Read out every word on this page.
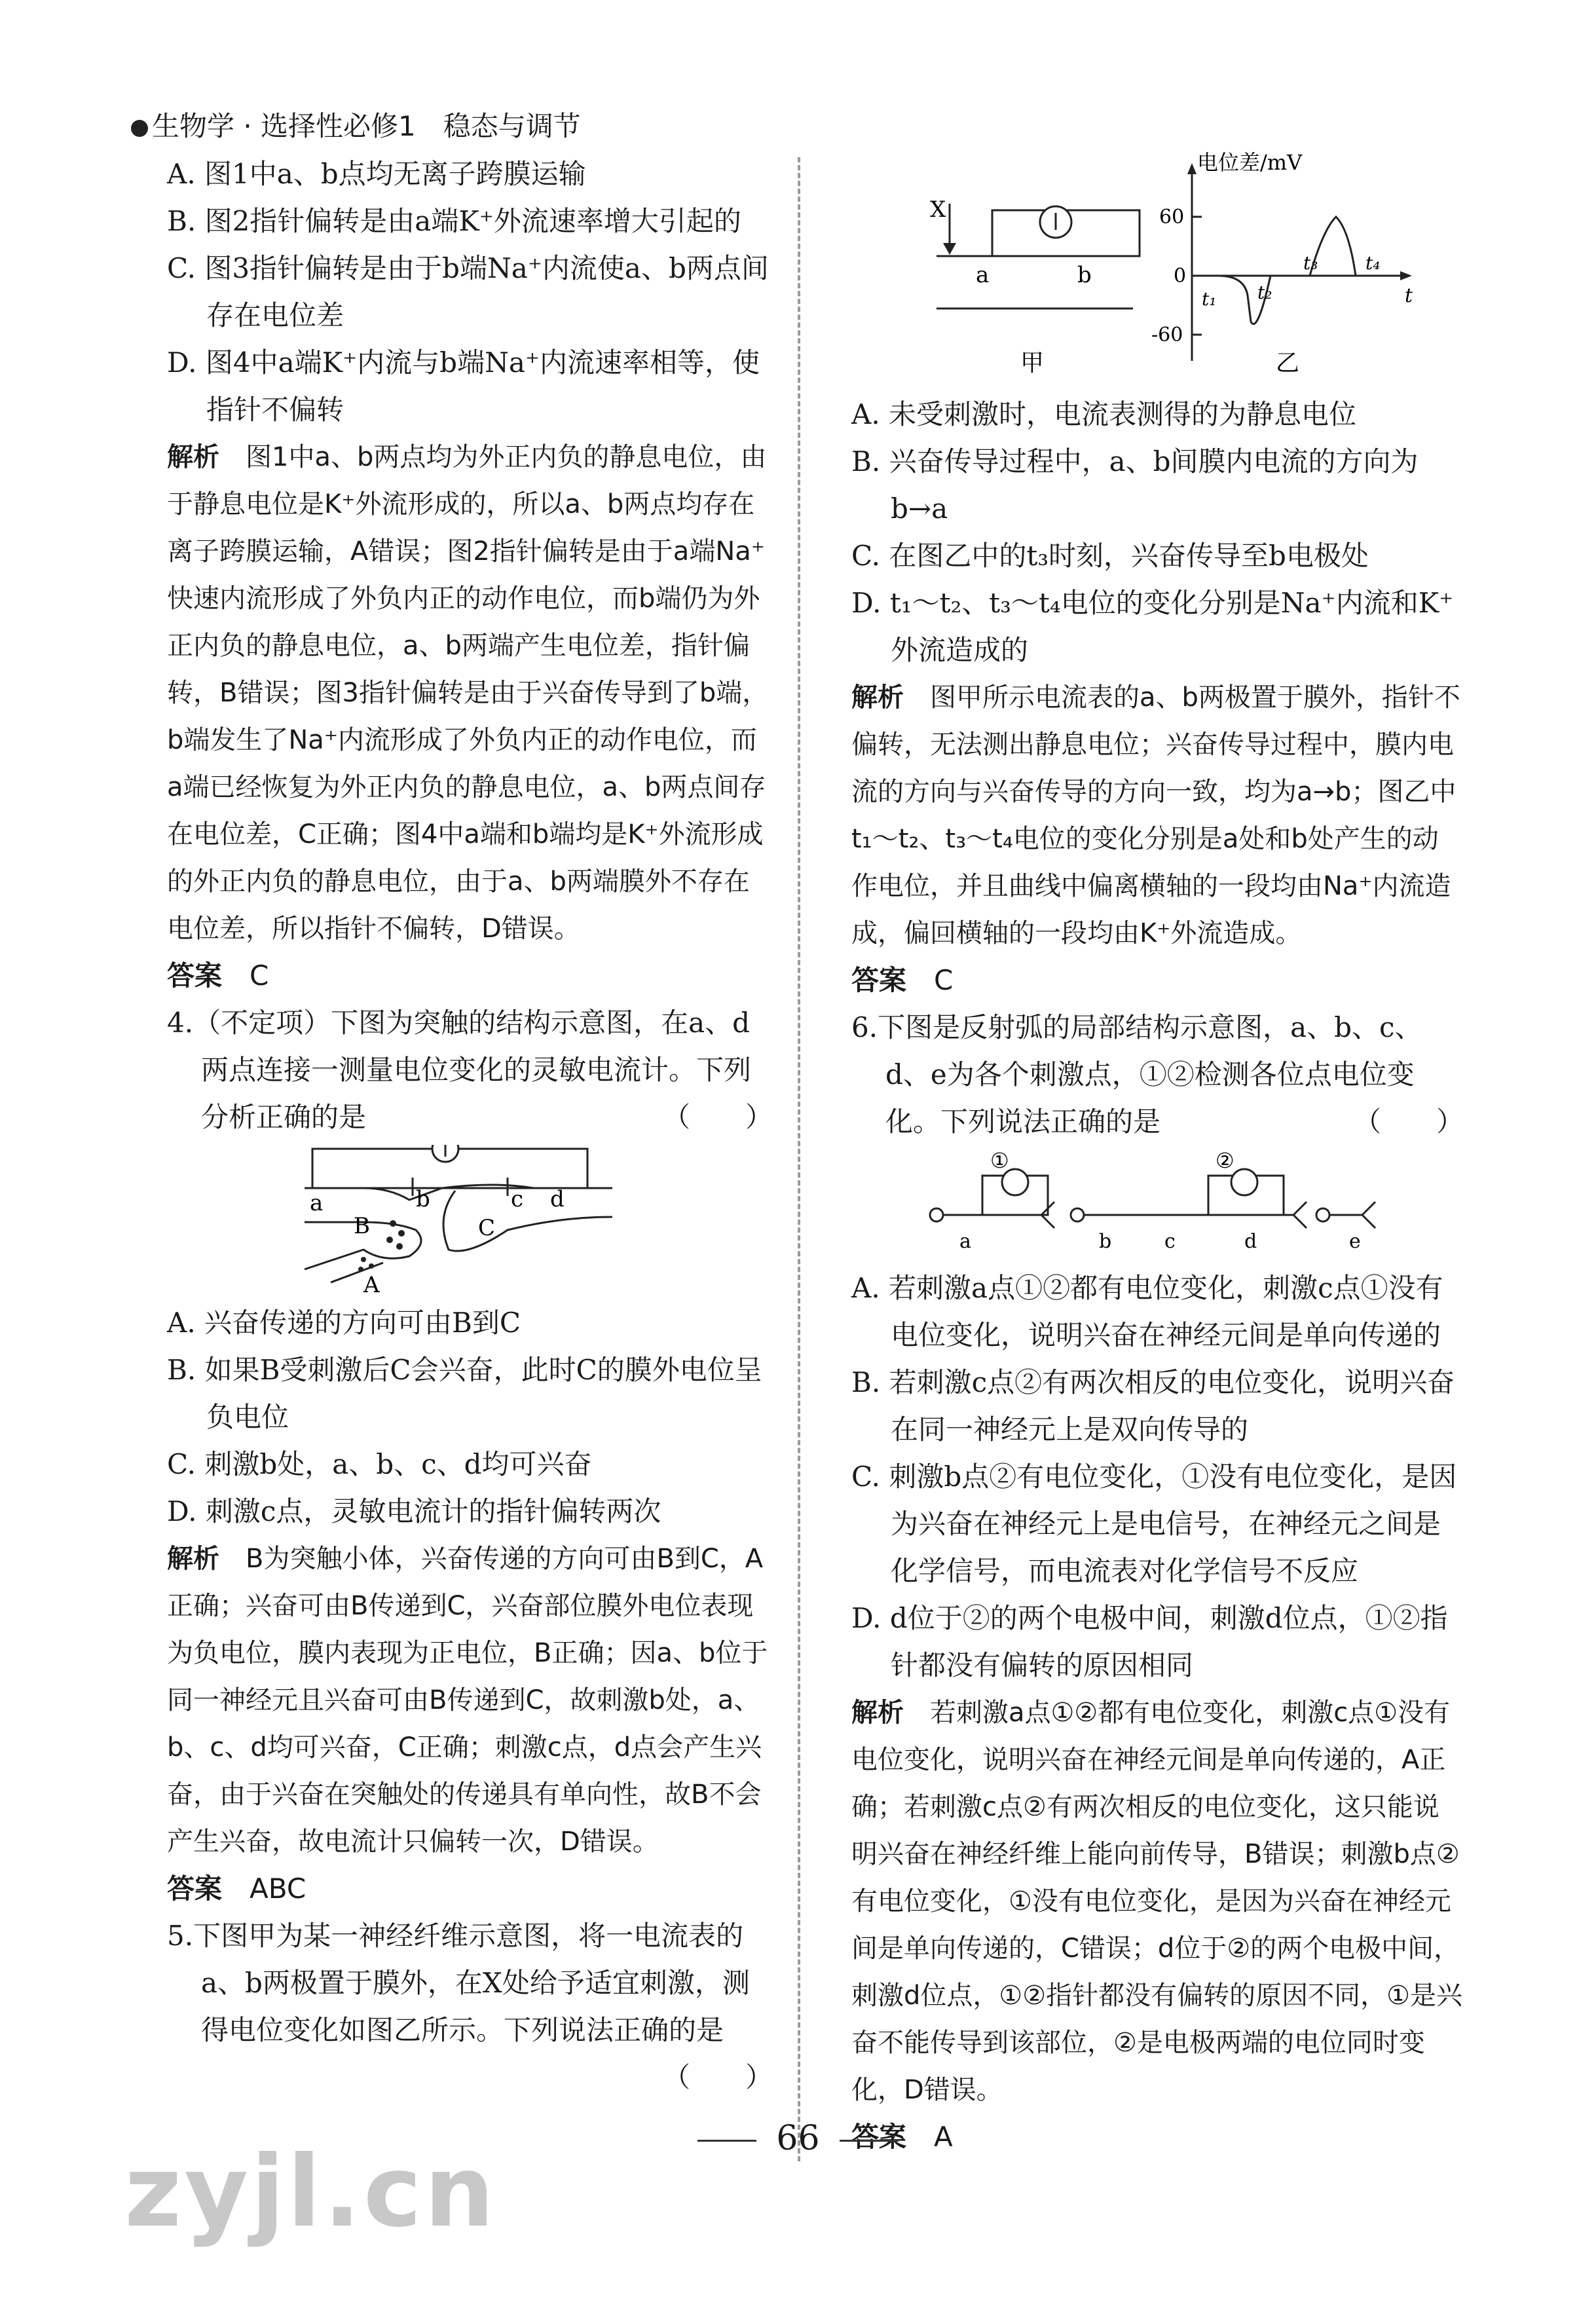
生物学 · 选择性必修1　稳态与调节

A. 图1中a、b点均无离子跨膜运输

B. 图2指针偏转是由a端K⁺外流速率增大引起的

C. 图3指针偏转是由于b端Na⁺内流使a、b两点间存在电位差

D. 图4中a端K⁺内流与b端Na⁺内流速率相等，使指针不偏转

解析　 图1中a、b两点均为外正内负的静息电位，由于静息电位是K⁺外流形成的，所以a、b两点均存在离子跨膜运输，A错误；图2指针偏转是由于a端Na⁺快速内流形成了外负内正的动作电位，而b端仍为外正内负的静息电位，a、b两端产生电位差，指针偏转，B错误；图3指针偏转是由于兴奋传导到了b端，b端发生了Na⁺内流形成了外负内正的动作电位，而a端已经恢复为外正内负的静息电位，a、b两点间存在电位差，C正确；图4中a端和b端均是K⁺外流形成的外正内负的静息电位，由于a、b两端膜外不存在电位差，所以指针不偏转，D错误。

答案　 C

4.（不定项）下图为突触的结构示意图，在a、d两点连接一测量电位变化的灵敏电流计。下列分析正确的是	（　　）

a	b	c d
B	C
A

A. 兴奋传递的方向可由B到C

B. 如果B受刺激后C会兴奋，此时C的膜外电位呈负电位

C. 刺激b处，a、b、c、d均可兴奋

D. 刺激c点，灵敏电流计的指针偏转两次

解析　 B为突触小体，兴奋传递的方向可由B到C，A正确；兴奋可由B传递到C，兴奋部位膜外电位表现为负电位，膜内表现为正电位，B正确；因a、b位于同一神经元且兴奋可由B传递到C，故刺激b处，a、b、c、d均可兴奋，C正确；刺激c点，d点会产生兴奋，由于兴奋在突触处的传递具有单向性，故B不会产生兴奋，故电流计只偏转一次，D错误。

答案　 ABC

5.下图甲为某一神经纤维示意图，将一电流表的a、b两极置于膜外，在X处给予适宜刺激，测得电位变化如图乙所示。下列说法正确的是
（　　）

X
a	b
甲
电位差/mV
60
0
-60
t
t₁ t₂
t₃	t₄
乙

A. 未受刺激时，电流表测得的为静息电位

B. 兴奋传导过程中，a、b间膜内电流的方向为b→a

C. 在图乙中的t₃时刻，兴奋传导至b电极处

D. t₁～t₂、t₃～t₄电位的变化分别是Na⁺内流和K⁺外流造成的

解析　 图甲所示电流表的a、b两极置于膜外，指针不偏转，无法测出静息电位；兴奋传导过程中，膜内电流的方向与兴奋传导的方向一致，均为a→b；图乙中t₁～t₂、t₃～t₄电位的变化分别是a处和b处产生的动作电位，并且曲线中偏离横轴的一段均由Na⁺内流造成，偏回横轴的一段均由K⁺外流造成。

答案　 C

6.下图是反射弧的局部结构示意图，a、b、c、d、e为各个刺激点，①②检测各位点电位变化。下列说法正确的是	（　　）

①	②
a	b	c	d	e

A. 若刺激a点①②都有电位变化，刺激c点①没有电位变化，说明兴奋在神经元间是单向传递的

B. 若刺激c点②有两次相反的电位变化，说明兴奋在同一神经元上是双向传导的

C. 刺激b点②有电位变化，①没有电位变化，是因为兴奋在神经元上是电信号，在神经元之间是化学信号，而电流表对化学信号不反应

D. d位于②的两个电极中间，刺激d位点，①②指针都没有偏转的原因相同

解析　 若刺激a点①②都有电位变化，刺激c点①没有电位变化，说明兴奋在神经元间是单向传递的，A正确；若刺激c点②有两次相反的电位变化，这只能说明兴奋在神经纤维上能向前传导，B错误；刺激b点②有电位变化，①没有电位变化，是因为兴奋在神经元间是单向传递的，C错误；d位于②的两个电极中间，刺激d位点，①②指针都没有偏转的原因不同，①是兴奋不能传导到该部位，②是电极两端的电位同时变化，D错误。

答案　 A

66
zyjl.cn
